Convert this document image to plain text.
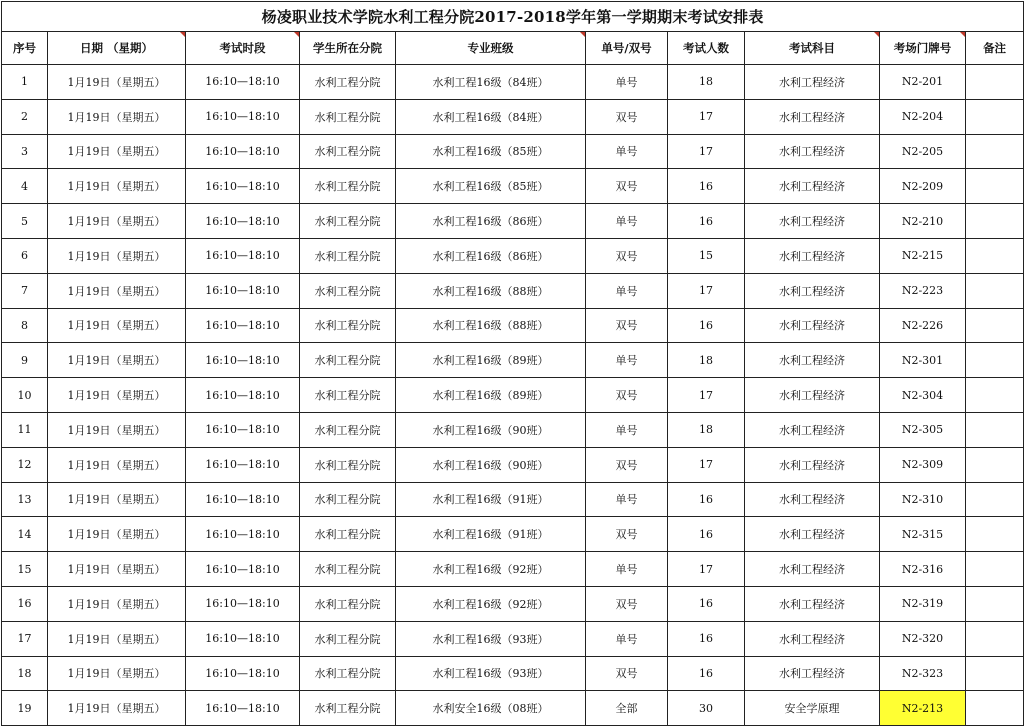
杨凌职业技术学院水利工程分院2017-2018学年第一学期期末考试安排表									
序号	日期 （星期）	考试时段	学生所在分院	专业班级	单号/双号	考试人数	考试科目	考场门牌号	备注
1	1月19日（星期五）	16:10—18:10	水利工程分院	水利工程16级（84班）	单号	18	水利工程经济	N2-201	
2	1月19日（星期五）	16:10—18:10	水利工程分院	水利工程16级（84班）	双号	17	水利工程经济	N2-204	
3	1月19日（星期五）	16:10—18:10	水利工程分院	水利工程16级（85班）	单号	17	水利工程经济	N2-205	
4	1月19日（星期五）	16:10—18:10	水利工程分院	水利工程16级（85班）	双号	16	水利工程经济	N2-209	
5	1月19日（星期五）	16:10—18:10	水利工程分院	水利工程16级（86班）	单号	16	水利工程经济	N2-210	
6	1月19日（星期五）	16:10—18:10	水利工程分院	水利工程16级（86班）	双号	15	水利工程经济	N2-215	
7	1月19日（星期五）	16:10—18:10	水利工程分院	水利工程16级（88班）	单号	17	水利工程经济	N2-223	
8	1月19日（星期五）	16:10—18:10	水利工程分院	水利工程16级（88班）	双号	16	水利工程经济	N2-226	
9	1月19日（星期五）	16:10—18:10	水利工程分院	水利工程16级（89班）	单号	18	水利工程经济	N2-301	
10	1月19日（星期五）	16:10—18:10	水利工程分院	水利工程16级（89班）	双号	17	水利工程经济	N2-304	
11	1月19日（星期五）	16:10—18:10	水利工程分院	水利工程16级（90班）	单号	18	水利工程经济	N2-305	
12	1月19日（星期五）	16:10—18:10	水利工程分院	水利工程16级（90班）	双号	17	水利工程经济	N2-309	
13	1月19日（星期五）	16:10—18:10	水利工程分院	水利工程16级（91班）	单号	16	水利工程经济	N2-310	
14	1月19日（星期五）	16:10—18:10	水利工程分院	水利工程16级（91班）	双号	16	水利工程经济	N2-315	
15	1月19日（星期五）	16:10—18:10	水利工程分院	水利工程16级（92班）	单号	17	水利工程经济	N2-316	
16	1月19日（星期五）	16:10—18:10	水利工程分院	水利工程16级（92班）	双号	16	水利工程经济	N2-319	
17	1月19日（星期五）	16:10—18:10	水利工程分院	水利工程16级（93班）	单号	16	水利工程经济	N2-320	
18	1月19日（星期五）	16:10—18:10	水利工程分院	水利工程16级（93班）	双号	16	水利工程经济	N2-323	
19	1月19日（星期五）	16:10—18:10	水利工程分院	水利安全16级（08班）	全部	30	安全学原理	N2-213	
